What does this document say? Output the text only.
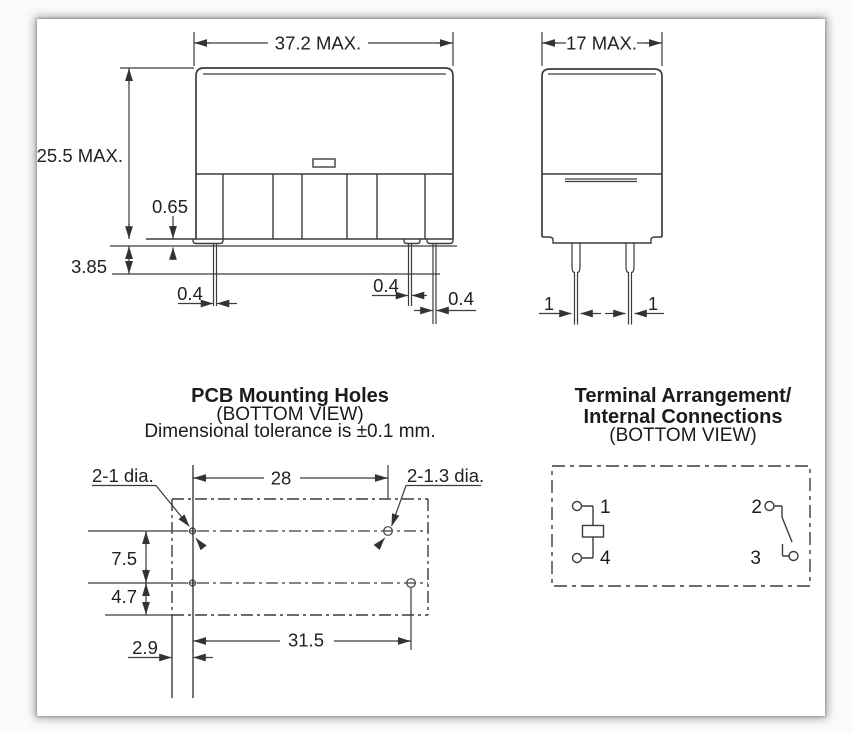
37.2 MAX.
25.5 MAX.
0.65
3.85
0.4	0.4
0.4
17 MAX.
1	1
PCB Mounting Holes
(BOTTOM VIEW)
Dimensional tolerance is ±0.1 mm.
28
2-1 dia.	2-1.3 dia.
7.5
4.7
31.5
2.9
Terminal Arrangement/
Internal Connections
(BOTTOM VIEW)
1
4
2
3
